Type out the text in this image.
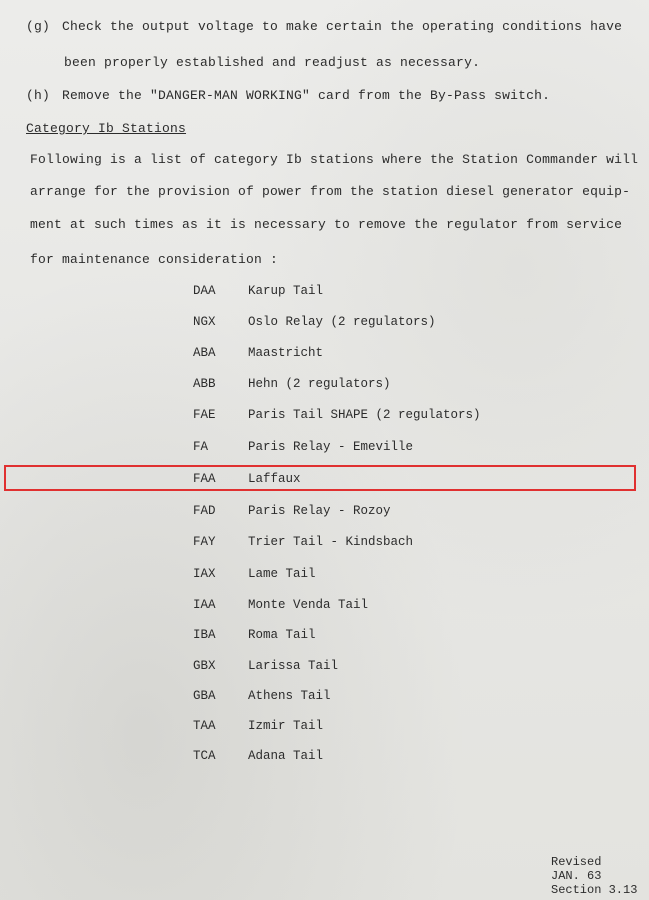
(g) Check the output voltage to make certain the operating conditions have
been properly established and readjust as necessary.
(h) Remove the "DANGER-MAN WORKING" card from the By-Pass switch.
Category Ib Stations
Following is a list of category Ib stations where the Station Commander will
arrange for the provision of power from the station diesel generator equip-
ment at such times as it is necessary to remove the regulator from service
for maintenance consideration :
DAA	Karup Tail
NGX	Oslo Relay (2 regulators)
ABA	Maastricht
ABB	Hehn (2 regulators)
FAE	Paris Tail SHAPE (2 regulators)
FA	Paris Relay - Emeville
FAA	Laffaux
FAD	Paris Relay - Rozoy
FAY	Trier Tail - Kindsbach
IAX	Lame Tail
IAA	Monte Venda Tail
IBA	Roma Tail
GBX	Larissa Tail
GBA	Athens Tail
TAA	Izmir Tail
TCA	Adana Tail
Revised
JAN. 63
Section 3.13
